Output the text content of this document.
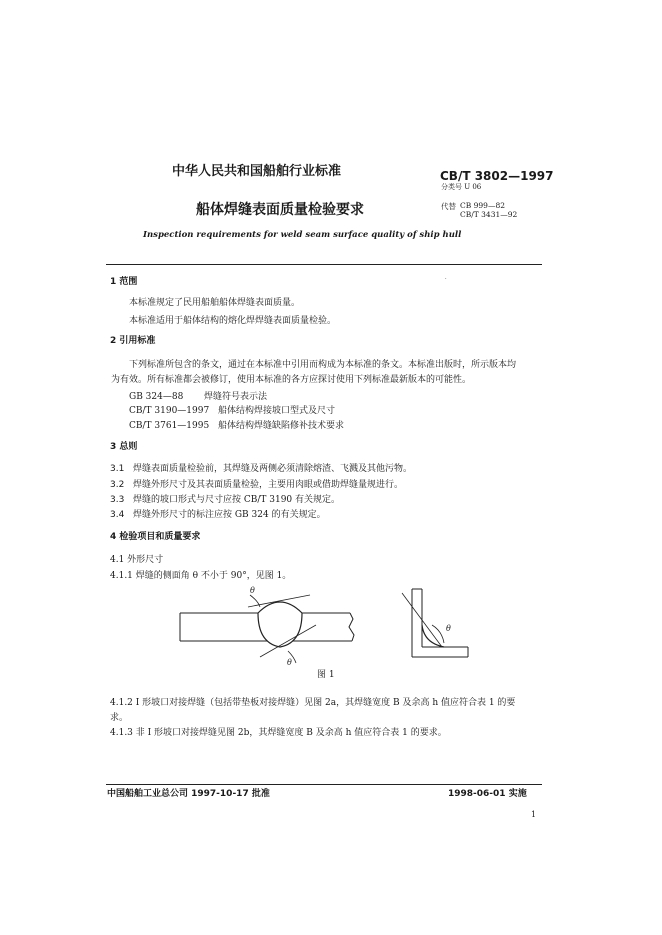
中华人民共和国船舶行业标准	CB/T 3802—1997
分类号 U 06
船体焊缝表面质量检验要求	代替 CB 999—82
CB/T 3431—92
Inspection requirements for weld seam surface quality of ship hull
˙
1 范围
本标准规定了民用船舶船体焊缝表面质量。
本标准适用于船体结构的熔化焊焊缝表面质量检验。
2 引用标准
下列标准所包含的条文，通过在本标准中引用而构成为本标准的条文。本标准出版时，所示版本均
为有效。所有标准都会被修订，使用本标准的各方应探讨使用下列标准最新版本的可能性。
GB 324—88 焊缝符号表示法
CB/T 3190—1997 船体结构焊接坡口型式及尺寸
CB/T 3761—1995 船体结构焊缝缺陷修补技术要求
3 总则
3.1 焊缝表面质量检验前，其焊缝及两侧必须清除熔渣、飞溅及其他污物。
3.2 焊缝外形尺寸及其表面质量检验，主要用肉眼或借助焊缝量规进行。
3.3 焊缝的坡口形式与尺寸应按 CB/T 3190 有关规定。
3.4 焊缝外形尺寸的标注应按 GB 324 的有关规定。
4 检验项目和质量要求
4.1 外形尺寸
4.1.1 焊缝的侧面角 θ 不小于 90°，见图 1。
θ
θ
θ
图 1
4.1.2 I 形坡口对接焊缝（包括带垫板对接焊缝）见图 2a，其焊缝宽度 B 及余高 h 值应符合表 1 的要
求。
4.1.3 非 I 形坡口对接焊缝见图 2b，其焊缝宽度 B 及余高 h 值应符合表 1 的要求。
中国船舶工业总公司 1997-10-17 批准	1998-06-01 实施
1
